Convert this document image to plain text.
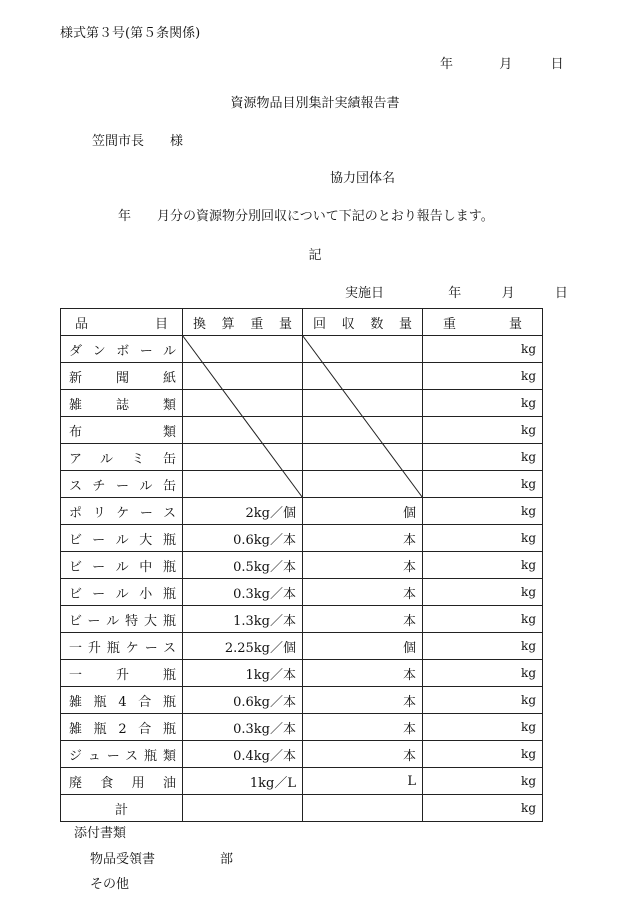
様式第３号(第５条関係)
年	月	日
資源物品目別集計実績報告書
笠間市長　　様
協力団体名
年　　月分の資源物分別回収について下記のとおり報告します。
記
実施日	年	月	日
品目	換算重量	回収数量	重量

ダンボール			kg
新聞紙			kg
雑誌類			kg
布類			kg
アルミ缶			kg
スチール缶			kg
ポリケース	2kg／個	個	kg
ビール大瓶	0.6kg／本	本	kg
ビール中瓶	0.5kg／本	本	kg
ビール小瓶	0.3kg／本	本	kg
ビール特大瓶	1.3kg／本	本	kg
一升瓶ケース	2.25kg／個	個	kg
一升瓶	1kg／本	本	kg
雑瓶4合瓶	0.6kg／本	本	kg
雑瓶2合瓶	0.3kg／本	本	kg
ジュース瓶類	0.4kg／本	本	kg
廃食用油	1kg／L	L	kg
計			kg
添付書類
物品受領書	部
その他
